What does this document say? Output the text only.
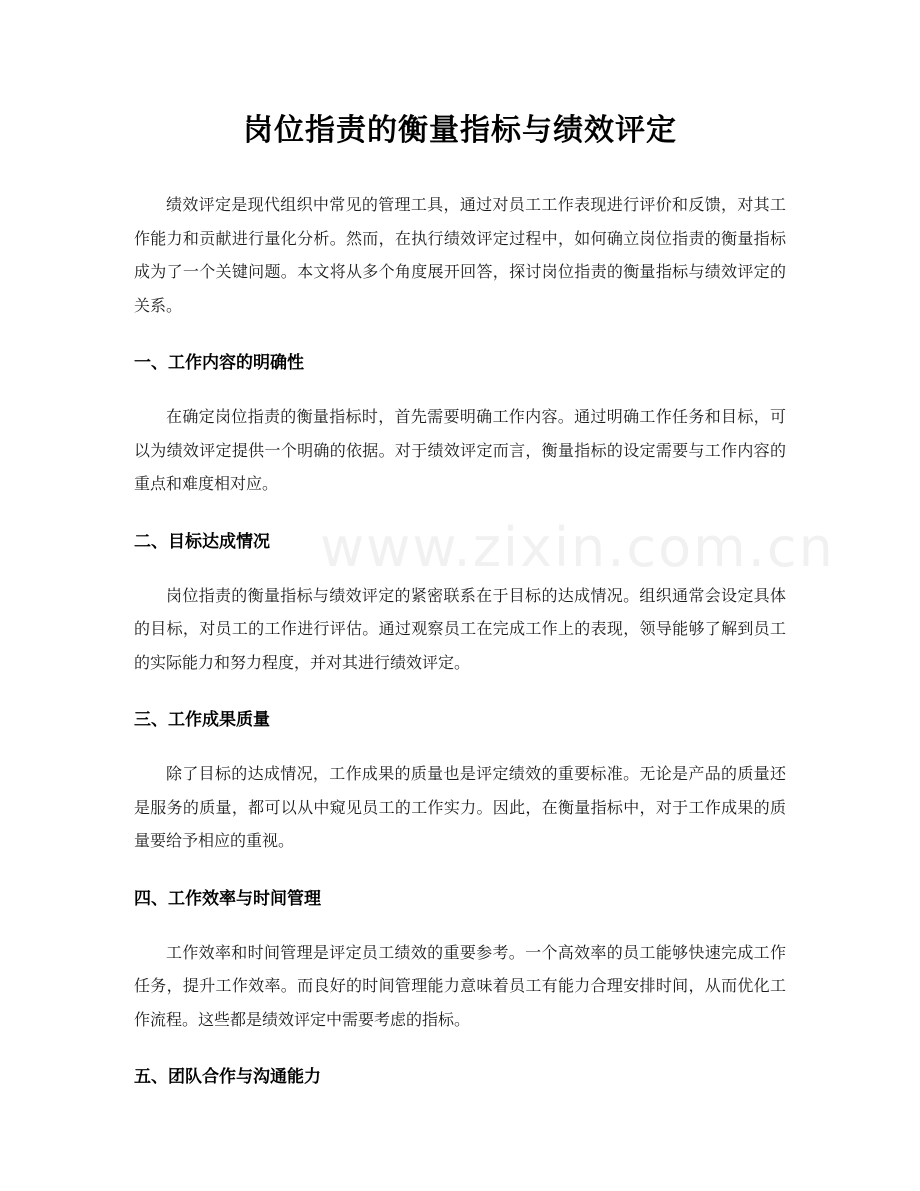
岗位指责的衡量指标与绩效评定

绩效评定是现代组织中常见的管理工具，通过对员工工作表现进行评价和反馈，对其工作能力和贡献进行量化分析。然而，在执行绩效评定过程中，如何确立岗位指责的衡量指标成为了一个关键问题。本文将从多个角度展开回答，探讨岗位指责的衡量指标与绩效评定的关系。

一、工作内容的明确性

在确定岗位指责的衡量指标时，首先需要明确工作内容。通过明确工作任务和目标，可以为绩效评定提供一个明确的依据。对于绩效评定而言，衡量指标的设定需要与工作内容的重点和难度相对应。

二、目标达成情况

岗位指责的衡量指标与绩效评定的紧密联系在于目标的达成情况。组织通常会设定具体的目标，对员工的工作进行评估。通过观察员工在完成工作上的表现，领导能够了解到员工的实际能力和努力程度，并对其进行绩效评定。

三、工作成果质量

除了目标的达成情况，工作成果的质量也是评定绩效的重要标准。无论是产品的质量还是服务的质量，都可以从中窥见员工的工作实力。因此，在衡量指标中，对于工作成果的质量要给予相应的重视。

四、工作效率与时间管理

工作效率和时间管理是评定员工绩效的重要参考。一个高效率的员工能够快速完成工作任务，提升工作效率。而良好的时间管理能力意味着员工有能力合理安排时间，从而优化工作流程。这些都是绩效评定中需要考虑的指标。

五、团队合作与沟通能力
www.zixin.com.cn
